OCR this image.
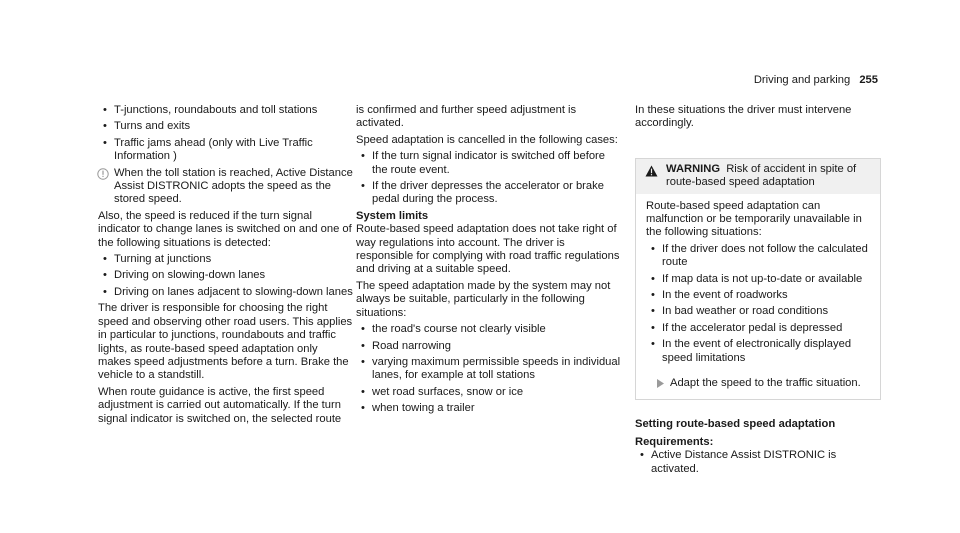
Driving and parking 255
• T-junctions, roundabouts and toll stations
• Turns and exits
• Traffic jams ahead (only with Live Traffic Information )
When the toll station is reached, Active Distance Assist DISTRONIC adopts the speed as the stored speed.

Also, the speed is reduced if the turn signal indicator to change lanes is switched on and one of the following situations is detected:

• Turning at junctions
• Driving on slowing-down lanes
• Driving on lanes adjacent to slowing-down lanes

The driver is responsible for choosing the right speed and observing other road users. This applies in particular to junctions, roundabouts and traffic lights, as route-based speed adaptation only makes speed adjustments before a turn. Brake the vehicle to a standstill.

When route guidance is active, the first speed adjustment is carried out automatically. If the turn signal indicator is switched on, the selected route

is confirmed and further speed adjustment is activated.

Speed adaptation is cancelled in the following cases:

• If the turn signal indicator is switched off before the route event.
• If the driver depresses the accelerator or brake pedal during the process.

System limits

Route-based speed adaptation does not take right of way regulations into account. The driver is responsible for complying with road traffic regulations and driving at a suitable speed.

The speed adaptation made by the system may not always be suitable, particularly in the following situations:

• the road's course not clearly visible
• Road narrowing
• varying maximum permissible speeds in individual lanes, for example at toll stations
• wet road surfaces, snow or ice
• when towing a trailer

In these situations the driver must intervene accordingly.

WARNING Risk of accident in spite of route-based speed adaptation

Route-based speed adaptation can malfunction or be temporarily unavailable in the following situations:

• If the driver does not follow the calculated route
• If map data is not up-to-date or available
• In the event of roadworks
• In bad weather or road conditions
• If the accelerator pedal is depressed
• In the event of electronically displayed speed limitations
Adapt the speed to the traffic situation.

Setting route-based speed adaptation

Requirements:

• Active Distance Assist DISTRONIC is activated.
